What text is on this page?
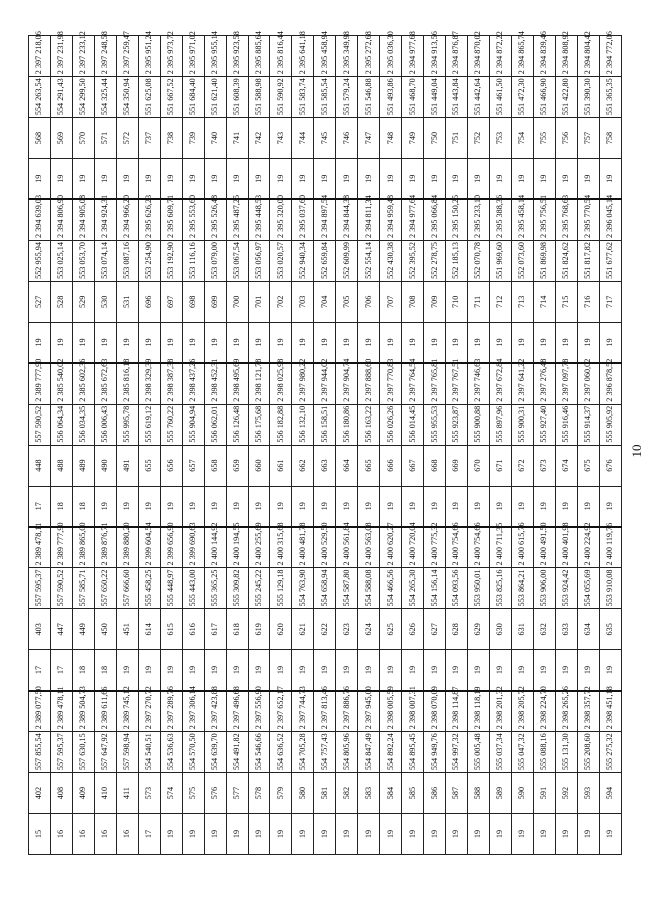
10
15	402	557 855,54	2 389 077,50	17	403	557 595,37	2 389 478,11	17	448	557 590,52	2 389 777,90	19	527	552 955,94	2 394 639,03	19	568	554 263,54	2 397 218,06
16	408	557 595,37	2 389 478,11	17	447	557 590,52	2 389 777,90	18	488	556 064,34	2 385 540,02	19	528	553 025,14	2 394 806,90	19	569	554 291,43	2 397 231,98
16	409	557 630,15	2 389 504,73	18	449	557 585,71	2 389 865,00	18	489	556 034,35	2 385 602,36	19	529	553 053,70	2 394 905,08	19	570	554 299,50	2 397 233,12
16	410	557 647,92	2 389 611,66	18	450	557 650,22	2 389 876,71	19	490	556 006,43	2 385 672,63	19	530	553 074,14	2 394 924,31	19	571	554 325,44	2 397 248,58
16	411	557 598,94	2 389 745,12	19	451	557 666,60	2 389 880,20	19	491	555 995,78	2 385 816,18	19	531	553 087,16	2 394 966,20	19	572	554 350,94	2 397 259,47
17	573	554 540,51	2 397 270,72	19	614	555 458,25	2 399 604,54	19	655	555 619,12	2 398 329,39	19	696	553 254,90	2 395 626,23	19	737	551 625,08	2 395 951,24
19	574	554 536,63	2 397 289,76	19	615	555 448,97	2 399 656,90	19	656	555 760,22	2 398 387,38	19	697	553 192,90	2 395 609,71	19	738	551 667,52	2 395 973,72
19	575	554 570,50	2 397 306,14	19	616	555 443,00	2 399 690,63	19	657	555 904,94	2 398 437,26	19	698	553 116,16	2 395 553,60	19	739	551 684,40	2 395 971,02
19	576	554 639,70	2 397 423,88	19	617	555 365,25	2 400 144,92	19	658	556 062,01	2 398 452,31	19	699	553 079,00	2 395 526,48	19	740	551 621,40	2 395 955,14
19	577	554 491,82	2 397 496,68	19	618	555 309,82	2 400 194,55	19	659	556 126,48	2 398 495,69	19	700	553 067,54	2 395 487,25	19	741	551 608,39	2 395 923,58
19	578	554 546,66	2 397 556,90	19	619	555 245,22	2 400 255,69	19	660	556 175,68	2 398 121,78	19	701	553 056,97	2 395 448,53	19	742	551 588,98	2 395 885,64
19	579	554 636,52	2 397 652,17	19	620	555 129,18	2 400 315,68	19	661	556 182,88	2 398 025,98	19	702	553 020,57	2 395 320,00	19	743	551 590,92	2 395 816,44
19	580	554 705,28	2 397 744,73	19	621	554 763,90	2 400 481,78	19	662	556 132,10	2 397 980,22	19	703	552 940,34	2 395 037,60	19	744	551 583,74	2 395 641,18
19	581	554 757,43	2 397 813,46	19	622	554 658,94	2 400 529,50	19	663	556 158,51	2 397 944,02	19	704	552 659,84	2 394 897,54	19	745	551 585,54	2 395 458,94
19	582	554 805,96	2 397 886,76	19	623	554 587,80	2 400 561,84	19	664	556 180,86	2 397 904,74	19	705	552 609,99	2 394 844,38	19	746	551 579,24	2 395 349,98
19	583	554 847,49	2 397 945,00	19	624	554 588,08	2 400 563,08	19	665	556 163,22	2 397 888,60	19	706	552 554,14	2 394 811,34	19	747	551 546,88	2 395 272,68
19	584	554 892,24	2 398 005,59	19	625	554 466,56	2 400 620,27	19	666	556 026,26	2 397 770,83	19	707	552 430,38	2 394 959,48	19	748	551 493,86	2 395 036,30
19	585	554 895,45	2 398 007,31	19	626	554 265,30	2 400 720,04	19	667	556 014,45	2 397 764,54	19	708	552 395,52	2 394 977,64	19	749	551 468,70	2 394 977,68
19	586	554 949,76	2 398 070,09	19	627	554 156,14	2 400 775,32	19	668	555 955,53	2 397 765,81	19	709	552 278,75	2 395 066,84	19	750	551 449,04	2 394 913,56
19	587	554 997,32	2 398 114,87	19	628	554 093,56	2 400 754,66	19	669	555 923,87	2 397 767,51	19	710	552 185,13	2 395 150,25	19	751	551 443,84	2 394 876,87
19	588	555 005,48	2 398 118,19	19	629	553 950,01	2 400 754,66	19	670	555 900,88	2 397 746,63	19	711	552 070,78	2 395 233,10	19	752	551 442,64	2 394 870,02
19	589	555 037,34	2 398 201,32	19	630	553 825,16	2 400 711,35	19	671	555 897,96	2 397 672,84	19	712	551 969,60	2 395 388,36	19	753	551 461,50	2 394 872,22
19	590	555 047,32	2 398 205,72	19	631	553 864,21	2 400 615,76	19	672	555 900,31	2 397 641,22	19	713	552 073,60	2 395 458,14	19	754	551 472,30	2 394 865,74
19	591	555 088,16	2 398 224,70	19	632	553 906,00	2 400 491,50	19	673	555 927,40	2 397 276,48	19	714	551 869,98	2 395 756,51	19	755	551 466,90	2 394 839,46
19	592	555 131,30	2 398 265,26	19	633	553 924,42	2 400 401,98	19	674	555 916,46	2 397 097,78	19	715	551 824,62	2 395 768,63	19	756	551 422,80	2 394 808,92
19	593	555 208,60	2 398 357,72	19	634	554 055,69	2 400 224,92	19	675	555 914,37	2 397 060,02	19	716	551 817,82	2 395 770,54	19	757	551 390,30	2 394 804,42
19	594	555 275,32	2 398 451,18	19	635	553 910,08	2 400 119,76	19	676	555 905,92	2 396 878,52	19	717	551 677,62	2 396 045,14	19	758	551 365,35	2 394 772,06
